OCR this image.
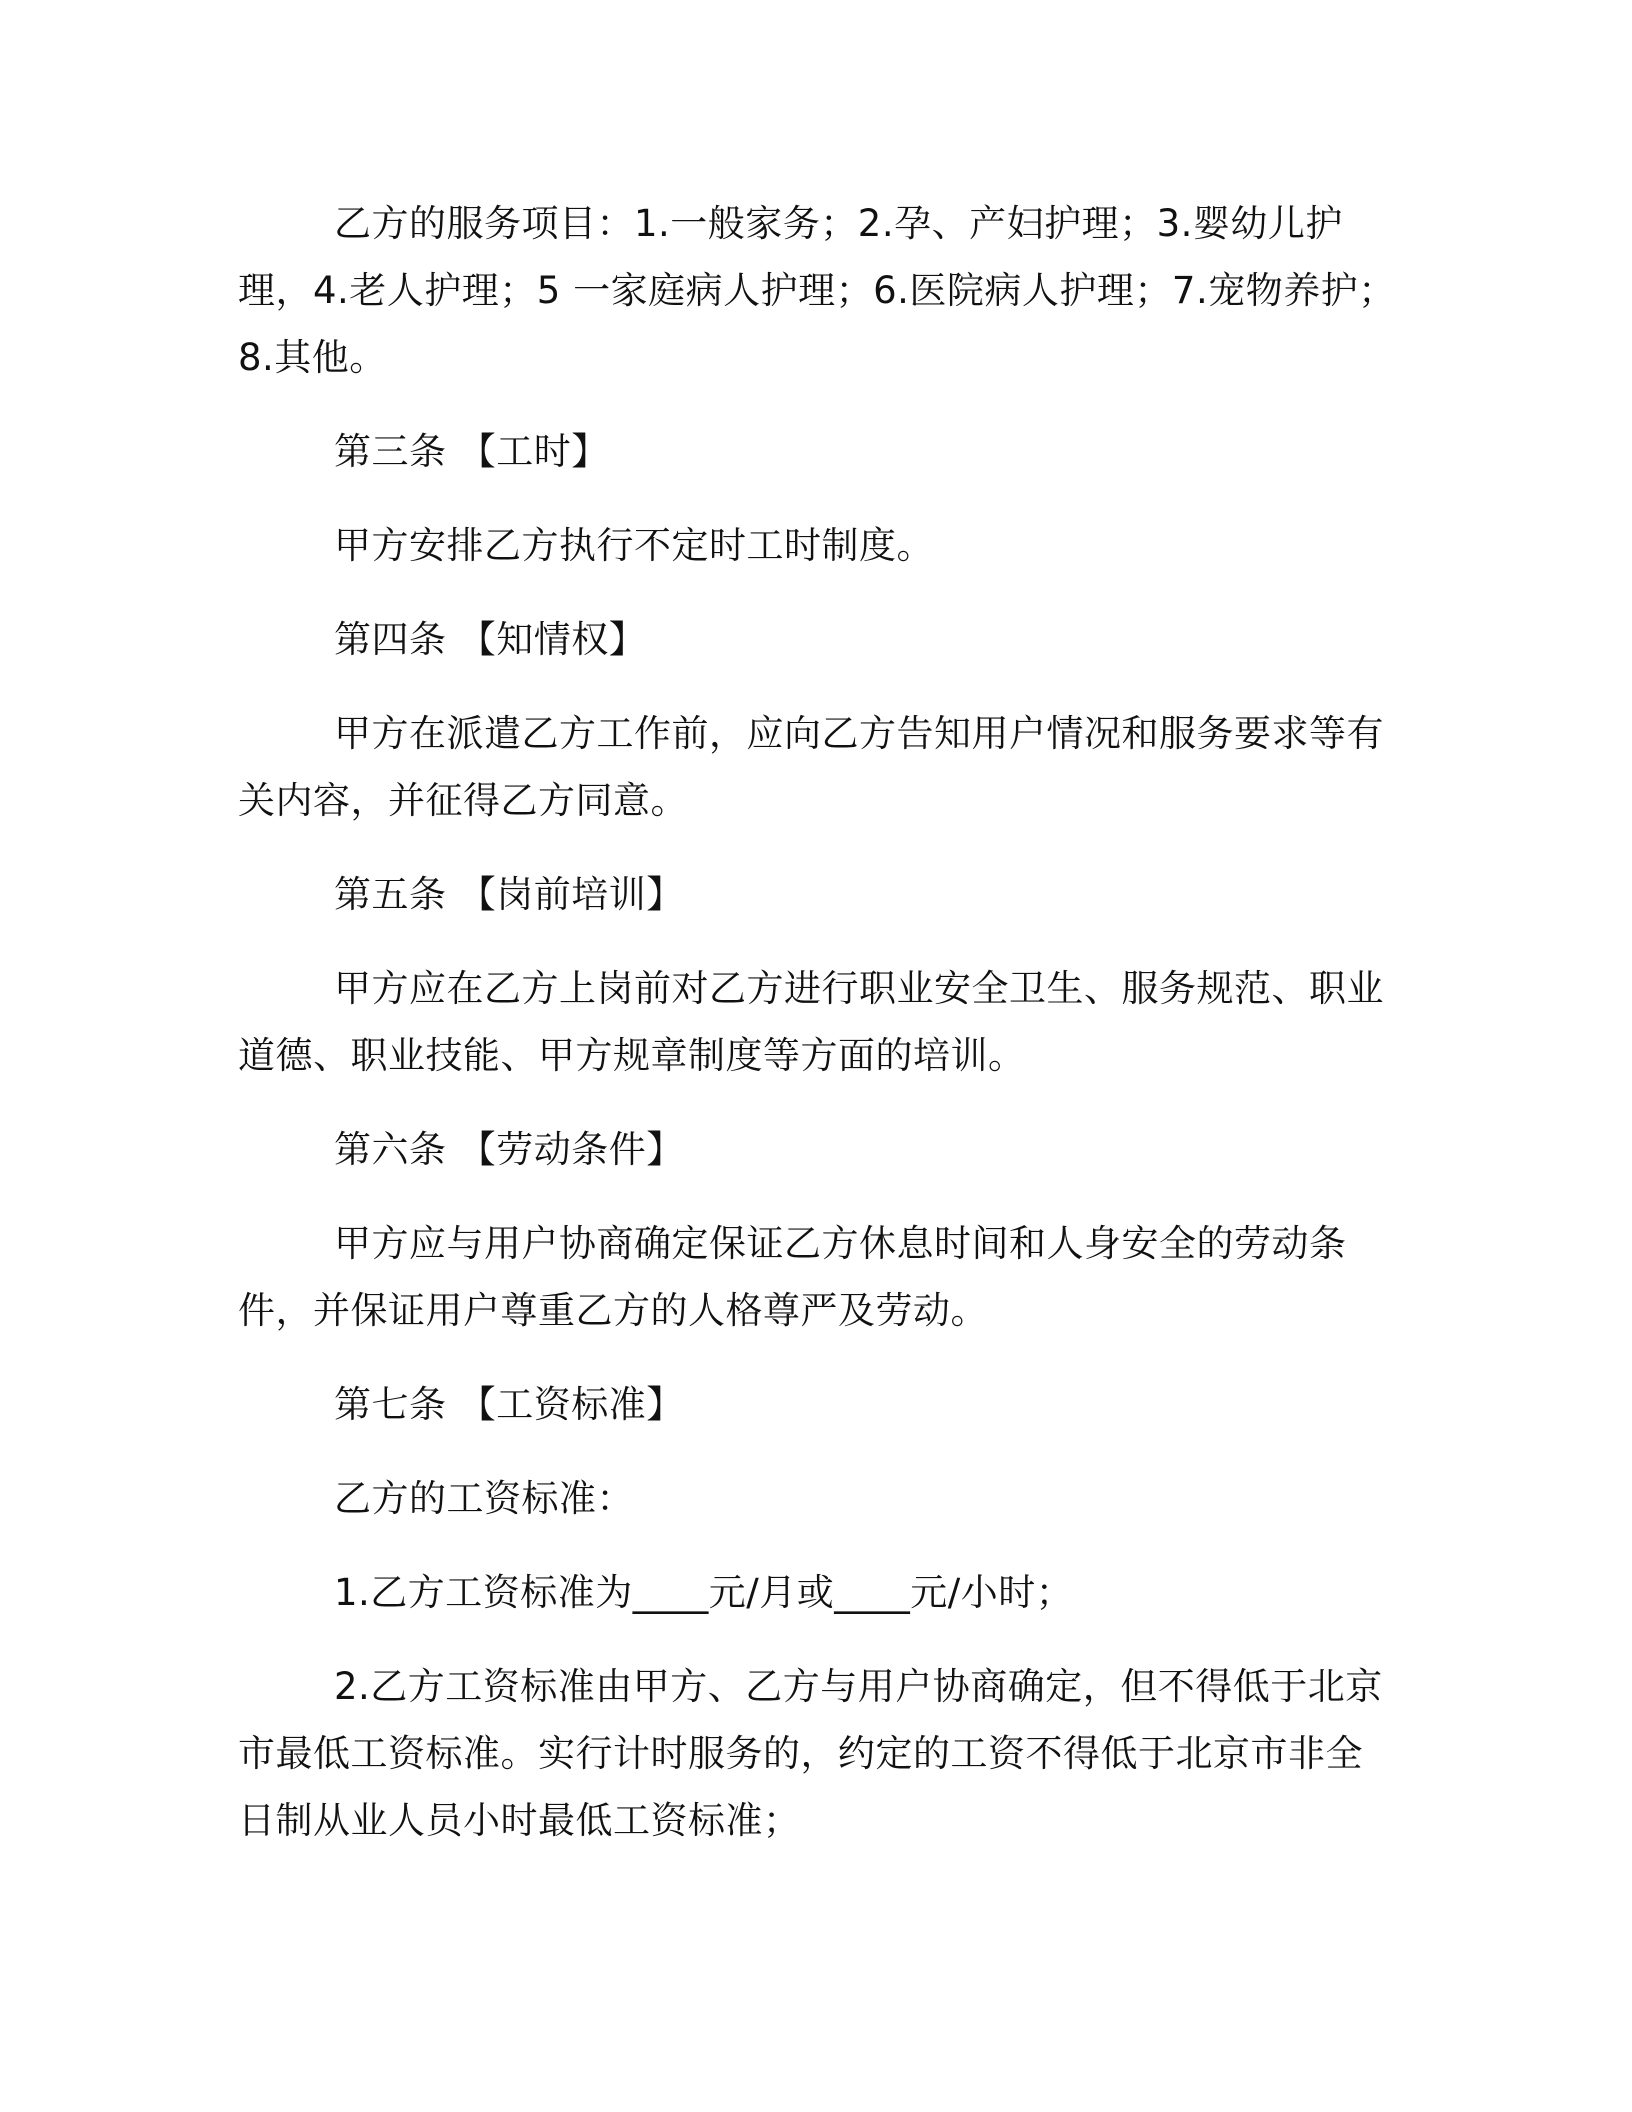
乙方的服务项目：1.一般家务；2.孕、产妇护理；3.婴幼儿护理，4.老人护理；5 一家庭病人护理；6.医院病人护理；7.宠物养护；8.其他。

第三条 【工时】

甲方安排乙方执行不定时工时制度。

第四条 【知情权】

甲方在派遣乙方工作前，应向乙方告知用户情况和服务要求等有关内容，并征得乙方同意。

第五条 【岗前培训】

甲方应在乙方上岗前对乙方进行职业安全卫生、服务规范、职业道德、职业技能、甲方规章制度等方面的培训。

第六条 【劳动条件】

甲方应与用户协商确定保证乙方休息时间和人身安全的劳动条件，并保证用户尊重乙方的人格尊严及劳动。

第七条 【工资标准】

乙方的工资标准：

1.乙方工资标准为____元/月或____元/小时；

2.乙方工资标准由甲方、乙方与用户协商确定，但不得低于北京市最低工资标准。实行计时服务的，约定的工资不得低于北京市非全日制从业人员小时最低工资标准；
